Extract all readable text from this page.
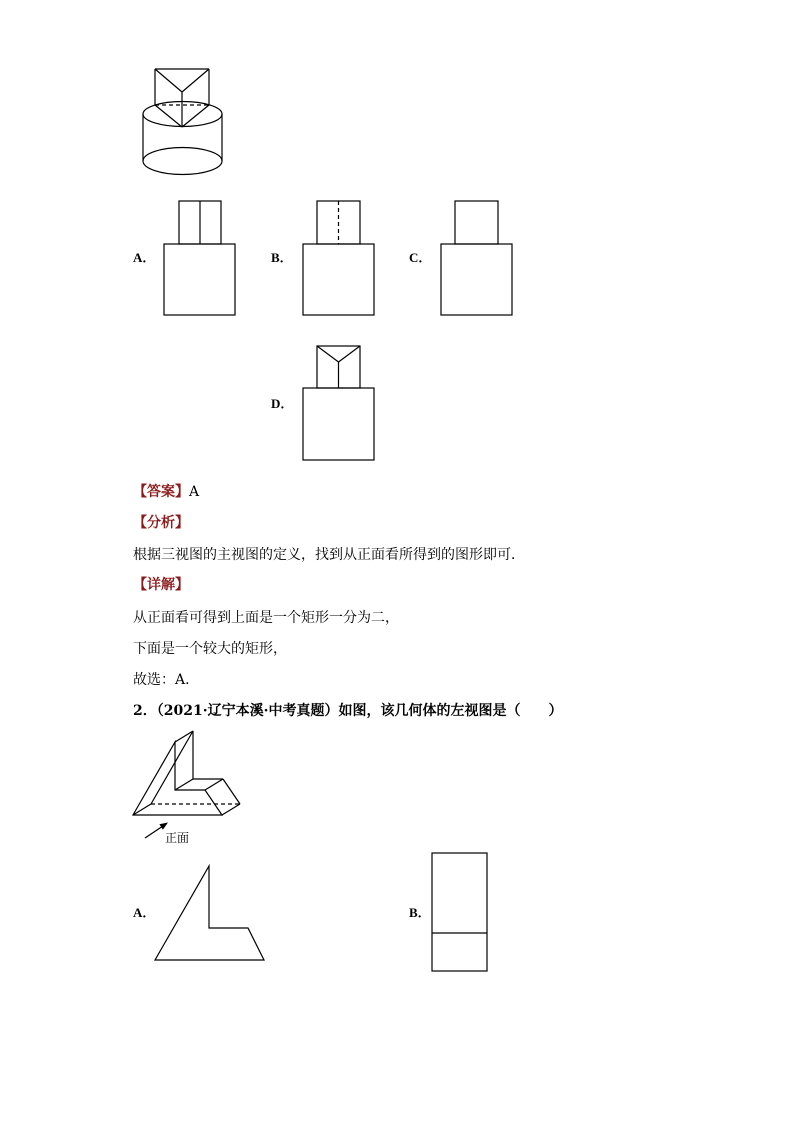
A．	B．	C．
D．
【答案】A
【分析】
根据三视图的主视图的定义，找到从正面看所得到的图形即可．
【详解】
从正面看可得到上面是一个矩形一分为二，
下面是一个较大的矩形，
故选：A．
2．（2021·辽宁本溪·中考真题）如图，该几何体的左视图是（　　）
正面
A．	B．
